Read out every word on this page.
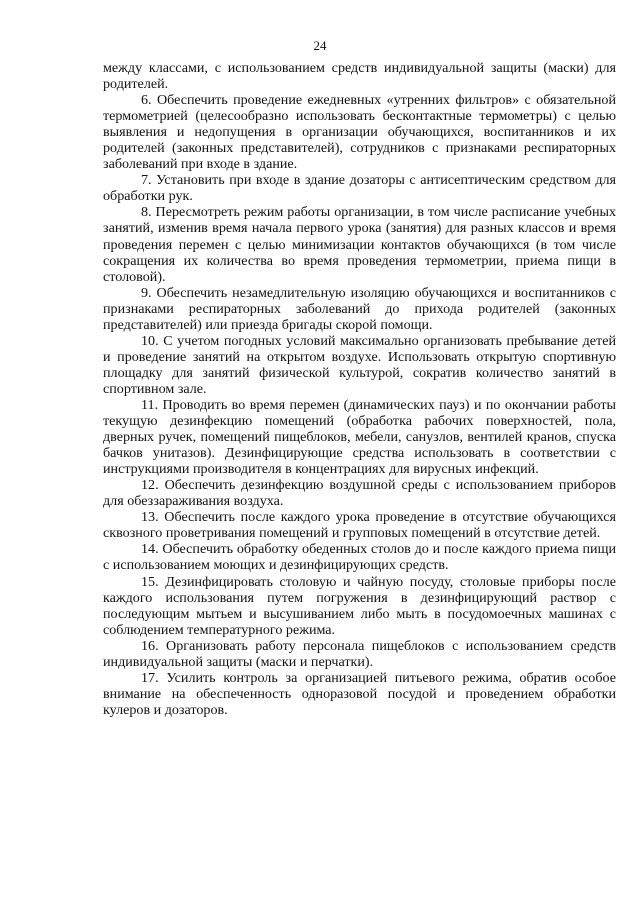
24

между классами, с использованием средств индивидуальной защиты (маски) для родителей.

6. Обеспечить проведение ежедневных «утренних фильтров» с обязательной термометрией (целесообразно использовать бесконтактные термометры) с целью выявления и недопущения в организации обучающихся, воспитанников и их родителей (законных представителей), сотрудников с признаками респираторных заболеваний при входе в здание.

7. Установить при входе в здание дозаторы с антисептическим средством для обработки рук.

8. Пересмотреть режим работы организации, в том числе расписание учебных занятий, изменив время начала первого урока (занятия) для разных классов и время проведения перемен с целью минимизации контактов обучающихся (в том числе сокращения их количества во время проведения термометрии, приема пищи в столовой).

9. Обеспечить незамедлительную изоляцию обучающихся и воспитанников с признаками респираторных заболеваний до прихода родителей (законных представителей) или приезда бригады скорой помощи.

10. С учетом погодных условий максимально организовать пребывание детей и проведение занятий на открытом воздухе. Использовать открытую спортивную площадку для занятий физической культурой, сократив количество занятий в спортивном зале.

11. Проводить во время перемен (динамических пауз) и по окончании работы текущую дезинфекцию помещений (обработка рабочих поверхностей, пола, дверных ручек, помещений пищеблоков, мебели, санузлов, вентилей кранов, спуска бачков унитазов). Дезинфицирующие средства использовать в соответствии с инструкциями производителя в концентрациях для вирусных инфекций.

12. Обеспечить дезинфекцию воздушной среды с использованием приборов для обеззараживания воздуха.

13. Обеспечить после каждого урока проведение в отсутствие обучающихся сквозного проветривания помещений и групповых помещений в отсутствие детей.

14. Обеспечить обработку обеденных столов до и после каждого приема пищи с использованием моющих и дезинфицирующих средств.

15. Дезинфицировать столовую и чайную посуду, столовые приборы после каждого использования путем погружения в дезинфицирующий раствор с последующим мытьем и высушиванием либо мыть в посудомоечных машинах с соблюдением температурного режима.

16. Организовать работу персонала пищеблоков с использованием средств индивидуальной защиты (маски и перчатки).

17. Усилить контроль за организацией питьевого режима, обратив особое внимание на обеспеченность одноразовой посудой и проведением обработки кулеров и дозаторов.
